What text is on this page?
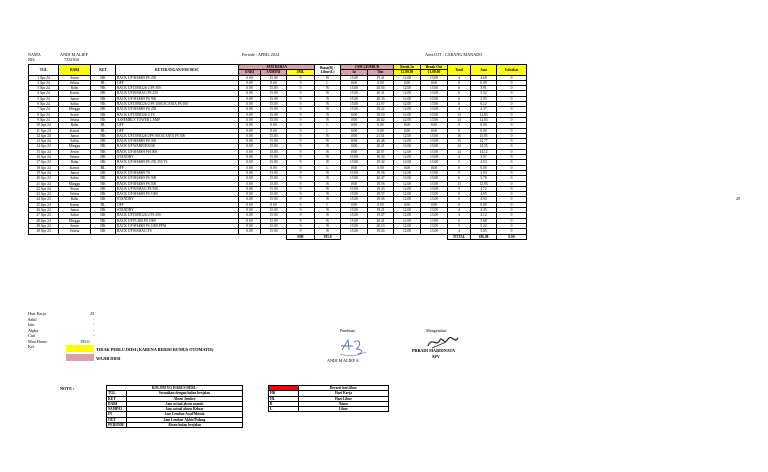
NAMA	ANDI M ALIEF
NIS	7332304
Periode : APRIL 2024	Area/OJT : CABANG MANADO
TGL	HARI	KET	KETERANGAN/JOB DESC	JAM KERJA			Biasa(B) / Libur(L)	JAM LEMBUR		Break In	Break Out	Total	Jum	Istirahat
				DARI	SAMPAI	JML		In	Out	12.00.00	13.00.00			
1 Apr 24	Senin	HK	BACK UP SH4069 PS 250	0.00	15.00	9	B	15.00	19.41	12.00	13.00	4	4.68	0
2 Apr 24	Selasa	HL	OFF	0.00	0.00	0	L	0.00	0.00	0.00	0.00	0	0.00	0
3 Apr 24	Rabu	HK	BACK UP D058326-2 PS 500	0.00	15.00	9	B	15.00	20.54	12.00	13.00	6	5.91	0
4 Apr 24	Kamis	HK	BACK UP BOMAG PS 250	0.00	15.00	9	B	15.00	20.31	12.00	13.00	6	5.52	0
5 Apr 24	Jumat	HK	BACK UP SH4069 PS 500	0.00	15.00	9	B	15.00	20.33	12.00	13.00	6	5.55	0
6 Apr 24	Sabtu	HK	BACK UP D058326-2 PS 1000,SCANIA PS 500	0.00	15.00	9	B	15.00	21.07	12.00	13.00	6	6.12	0
7 Apr 24	Minggu	HK	BACK UP SH4069 PS 250	0.00	15.00	9	B	15.00	19.22	12.00	13.00	4	4.37	0
8 Apr 24	Senin	HK	BACK UP D058326-2 TS	0.00	15.00	9	B	0.00	18.50	12.00	13.00	13	12.83	0
9 Apr 24	Selasa	HK	ASSEMBLY TOWER LAMP	0.00	15.00	9	B	0.00	20.02	12.00	13.00	14	14.03	0
10 Apr 24	Rabu	HL	OFF	0.00	0.00	0	L	0.00	0.00	0.00	0.00	0	0.00	0
11 Apr 24	Kamis	HL	OFF	0.00	0.00	0	L	0.00	0.00	0.00	0.00	0	0.00	0
12 Apr 24	Jumat	HK	BACK UP D058326-2PS 500,SCANIA PS 500	0.00	15.00	9	B	0.00	21.51	12.00	13.00	16	15.85	0
13 Apr 24	Sabtu	HK	BACK UP SH4069 PS 500	0.00	15.00	9	B	0.00	20.46	12.00	13.00	15	14.77	0
14 Apr 24	Minggu	HK	BACK UP WAREHOUSE	0.00	15.00	9	B	0.00	20.21	12.00	13.00	14	14.35	0
15 Apr 24	Senin	HK	BACK UP SH4069 PS1000	0.00	15.00	9	B	0.00	20.07	12.00	13.00	14	14.12	0
16 Apr 24	Selasa	HK	STANDBY	0.00	15.00	9	B	15.00	18.34	12.00	13.00	4	3.57	0
17 Apr 24	Rabu	HK	BACK UP SH4069 PS 250,250 TS	0.00	15.00	9	B	15.00	19.32	12.00	13.00	5	4.53	0
18 Apr 24	Kamis	HL	OFF	0.00	0.00	0	L	0.00	0.00	0.00	0.00	0	0.00	0
19 Apr 24	Jumat	HK	BACK UP SH4069 TS	0.00	15.00	9	B	15.00	19.56	12.00	13.00	5	4.93	0
20 Apr 24	Sabtu	HK	BACK UP SH4069 PS 500	0.00	15.00	9	B	15.00	20.47	12.00	13.00	6	5.78	0
21 Apr 24	Minggu	HK	BACK UP SH4069 PS 500	0.00	15.00	9	B	0.00	18.56	12.00	13.00	13	12.93	0
22 Apr 24	Senin	HK	BACK UP BOMAG PS 500	0.00	15.00	9	B	15.00	19.43	12.00	13.00	5	4.72	0
23 Apr 24	Selasa	HK	BACK UP SH4069 PS 1000	0.00	15.00	9	B	15.00	19.57	12.00	13.00	5	4.95	0
24 Apr 24	Rabu	HK	STANDBY	0.00	15.00	9	B	15.00	19.56	12.00	13.00	5	4.93	0
25 Apr 24	Kamis	HL	OFF	0.00	0.00	0	L	0.00	0.00	0.00	0.00	0	0.00	0
26 Apr 24	Jumat	HK	STANDBY	0.00	15.00	9	B	15.00	19.21	12.00	13.00	4	4.35	0
27 Apr 24	Sabtu	HK	BACK UP D058326-2 PS 500	0.00	15.00	9	B	15.00	19.07	12.00	13.00	4	4.12	0
28 Apr 24	Minggu	HK	BACK UP PC400 PS 1000	0.00	15.00	9	B	15.00	20.41	12.00	13.00	6	5.68	0
29 Apr 24	Senin	HK	BACK UP SH4069 PS 1000,PPM	0.00	15.00	9	B	15.00	20.13	12.00	13.00	5	5.22	0
30 Apr 24	Selasa	HK	BACK UP BOMAG TS	0.00	15.00	9	B	15.00	19.04	12.00	13.00	4	3.05	0
						MH	195.0					TOTAL	186.08	0.00
20
Hari Kerja	25
Sakit	-
Izin	-
Alpha	-
Cuti	-
Man Hours	195.0
Ket
TIDAK PERLU DIISI (KARENA BERISI RUMUS OTOMATIS)
WAJIB DIISI
Pembuat,
ANDI M ALIEF A
Mengetahui,
PRBADI MARDINATA
SPV
NOTE :	KOLOM YG HARUS DIISI :	
TGL	Sesuaikan dengan bulan berjalan
KET	Absen Jember
DARI	Jam actual absen masuk
SAMPAI	Jam actual absen Keluar
IN	Jam Lembur Awal/Masuk
OUT	Jam Lembur Akhir/Pulang
PERIODE	Absen bulan berjalan
	Berarti hari libur
HK	Hari Kerja
HL	Hari Libur
B	Biasa
L	Libur
